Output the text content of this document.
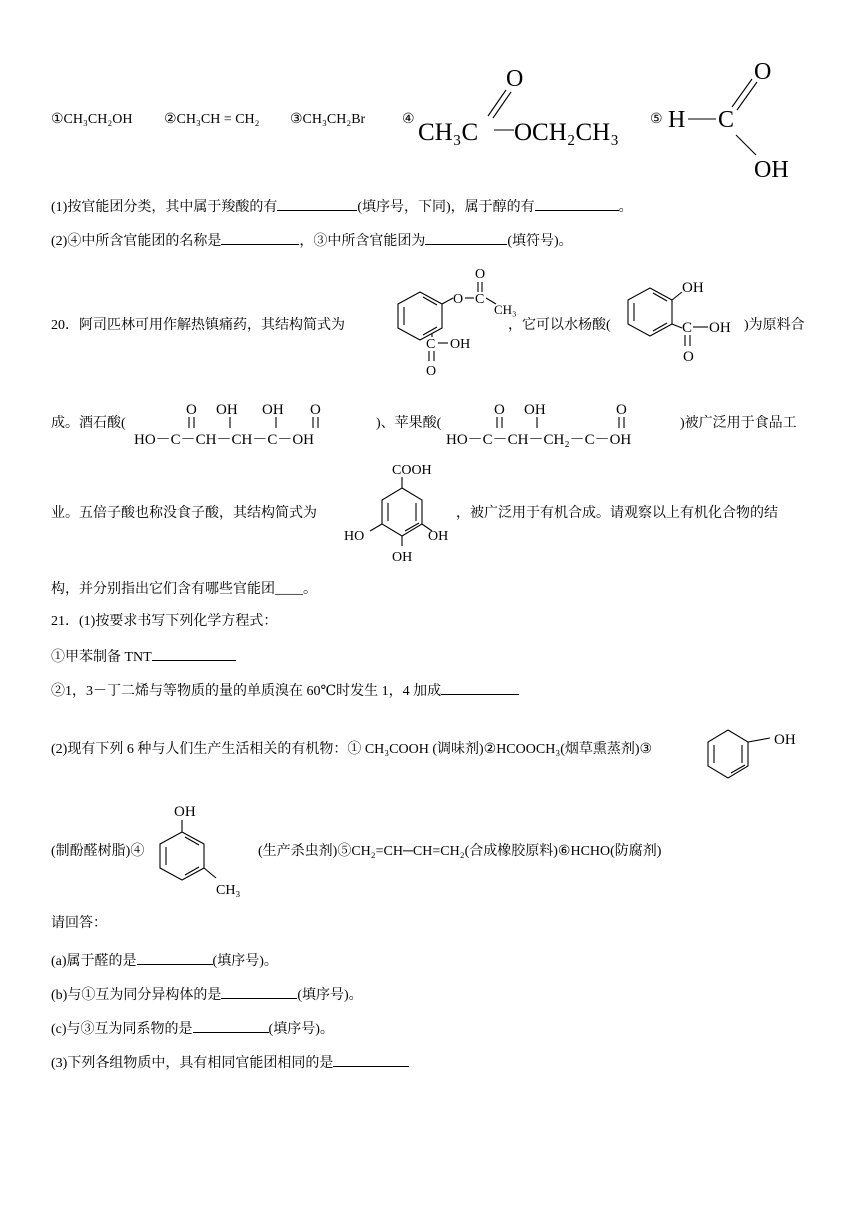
①CH₃CH₂OH ②CH₃CH = CH₂ ③CH₃CH₂Br	④
O
CH₃C OCH₂CH₃ ⑤
O
H C
OH
(1)按官能团分类，其中属于羧酸的有	(填序号，下同)，属于醇的有	。
(2)④中所含官能团的名称是	，③中所含官能团为	(填符号)。
20．阿司匹林可用作解热镇痛药，其结构简式为
O C
O
CH₃
C OH
O
，它可以水杨酸(
OH
C OH
O
)为原料合
成。酒石酸(
O OH OH O
HO－C－CH－CH－C－OH
)、苹果酸(
O OH	O
HO－C－CH－CH₂－C－OH
)被广泛用于食品工
业。五倍子酸也称没食子酸，其结构简式为
COOH
HO	OH
OH
，被广泛用于有机合成。请观察以上有机化合物的结
构，并分别指出它们含有哪些官能团____。
21．(1)按要求书写下列化学方程式：
①甲苯制备 TNT
②1，3－丁二烯与等物质的量的单质溴在 60℃时发生 1，4 加成
(2)现有下列 6 种与人们生产生活相关的有机物：① CH₃COOH (调味剂)②HCOOCH₃(烟草熏蒸剂)③
OH
(制酚醛树脂)④
OH
CH₃
(生产杀虫剂)⑤CH₂=CH─CH=CH₂(合成橡胶原料)⑥HCHO(防腐剂)
请回答：
(a)属于醛的是	(填序号)。
(b)与①互为同分异构体的是	(填序号)。
(c)与③互为同系物的是	(填序号)。
(3)下列各组物质中，具有相同官能团相同的是
